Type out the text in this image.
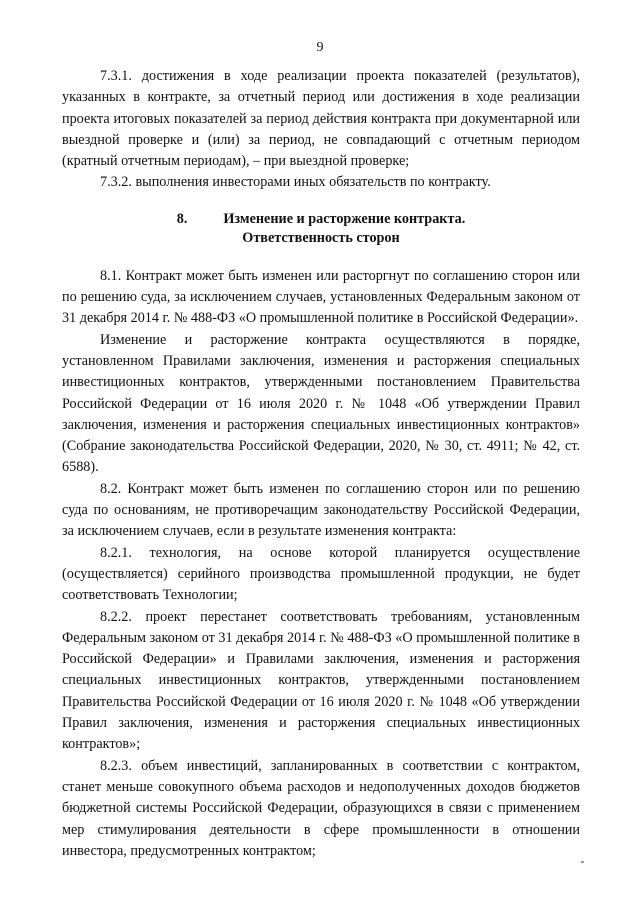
9

7.3.1. достижения в ходе реализации проекта показателей (результатов), указанных в контракте, за отчетный период или достижения в ходе реализации проекта итоговых показателей за период действия контракта при документарной или выездной проверке и (или) за период, не совпадающий с отчетным периодом (кратный отчетным периодам), – при выездной проверке;

7.3.2. выполнения инвесторами иных обязательств по контракту.

8.	Изменение и расторжение контракта.
Ответственность сторон

8.1. Контракт может быть изменен или расторгнут по соглашению сторон или по решению суда, за исключением случаев, установленных Федеральным законом от 31 декабря 2014 г. № 488-ФЗ «О промышленной политике в Российской Федерации».

Изменение и расторжение контракта осуществляются в порядке, установленном Правилами заключения, изменения и расторжения специальных инвестиционных контрактов, утвержденными постановлением Правительства Российской Федерации от 16 июля 2020 г. № 1048 «Об утверждении Правил заключения, изменения и расторжения специальных инвестиционных контрактов» (Собрание законодательства Российской Федерации, 2020, № 30, ст. 4911; № 42, ст. 6588).

8.2. Контракт может быть изменен по соглашению сторон или по решению суда по основаниям, не противоречащим законодательству Российской Федерации, за исключением случаев, если в результате изменения контракта:

8.2.1. технология, на основе которой планируется осуществление (осуществляется) серийного производства промышленной продукции, не будет соответствовать Технологии;

8.2.2. проект перестанет соответствовать требованиям, установленным Федеральным законом от 31 декабря 2014 г. № 488-ФЗ «О промышленной политике в Российской Федерации» и Правилами заключения, изменения и расторжения специальных инвестиционных контрактов, утвержденными постановлением Правительства Российской Федерации от 16 июля 2020 г. № 1048 «Об утверждении Правил заключения, изменения и расторжения специальных инвестиционных контрактов»;

8.2.3. объем инвестиций, запланированных в соответствии с контрактом, станет меньше совокупного объема расходов и недополученных доходов бюджетов бюджетной системы Российской Федерации, образующихся в связи с применением мер стимулирования деятельности в сфере промышленности в отношении инвестора, предусмотренных контрактом;
